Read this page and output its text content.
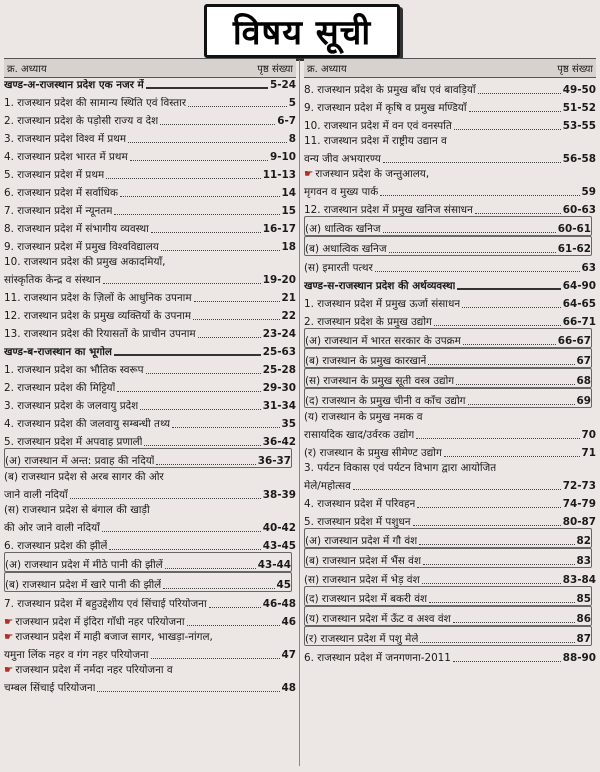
विषय सूची
क्र. अध्याय	पृष्ठ संख्या
खण्ड-अ-राजस्थान प्रदेश एक नजर में	5-24
1. राजस्थान प्रदेश की सामान्य स्थिति एवं विस्तार	5
2. राजस्थान प्रदेश के पड़ोसी राज्य व देश	6-7
3. राजस्थान प्रदेश विश्व में प्रथम	8
4. राजस्थान प्रदेश भारत में प्रथम	9-10
5. राजस्थान प्रदेश में प्रथम	11-13
6. राजस्थान प्रदेश में सर्वाधिक	14
7. राजस्थान प्रदेश में न्यूनतम	15
8. राजस्थान प्रदेश में संभागीय व्यवस्था	16-17
9. राजस्थान प्रदेश में प्रमुख विश्वविद्यालय	18
10. राजस्थान प्रदेश की प्रमुख अकादमियाँ,
सांस्कृतिक केन्द्र व संस्थान	19-20
11. राजस्थान प्रदेश के ज़िलों के आधुनिक उपनाम	21
12. राजस्थान प्रदेश के प्रमुख व्यक्तियों के उपनाम	22
13. राजस्थान प्रदेश की रियासतों के प्राचीन उपनाम	23-24
खण्ड-ब-राजस्थान का भूगोल	25-63
1. राजस्थान प्रदेश का भौतिक स्वरूप	25-28
2. राजस्थान प्रदेश की मिट्टियाँ	29-30
3. राजस्थान प्रदेश के जलवायु प्रदेश	31-34
4. राजस्थान प्रदेश की जलवायु सम्बन्धी तथ्य	35
5. राजस्थान प्रदेश में अपवाह प्रणाली	36-42
(अ) राजस्थान में अन्त: प्रवाह की नदियाँ	36-37
(ब) राजस्थान प्रदेश से अरब सागर की ओर
जाने वाली नदियाँ	38-39
(स) राजस्थान प्रदेश से बंगाल की खाड़ी
की ओर जाने वाली नदियाँ	40-42
6. राजस्थान प्रदेश की झीलें	43-45
(अ) राजस्थान प्रदेश में मीठे पानी की झीलें	43-44
(ब) राजस्थान प्रदेश में खारे पानी की झीलें	45
7. राजस्थान प्रदेश में बहुउद्देशीय एवं सिंचाई परियोजना	46-48
☛ राजस्थान प्रदेश में इंदिरा गाँधी नहर परियोजना	46
☛ राजस्थान प्रदेश में माही बजाज सागर, भाखड़ा-नांगल,
यमुना लिंक नहर व गंग नहर परियोजना	47
☛ राजस्थान प्रदेश में नर्मदा नहर परियोजना व
चम्बल सिंचाई परियोजना	48
क्र. अध्याय	पृष्ठ संख्या
8. राजस्थान प्रदेश के प्रमुख बाँध एवं बावड़ियाँ	49-50
9. राजस्थान प्रदेश में कृषि व प्रमुख मण्डियाँ	51-52
10. राजस्थान प्रदेश में वन एवं वनस्पति	53-55
11. राजस्थान प्रदेश में राष्ट्रीय उद्यान व
वन्य जीव अभयारण्य	56-58
☛ राजस्थान प्रदेश के जन्तुआलय,
मृगवन व मुख्य पार्क	59
12. राजस्थान प्रदेश में प्रमुख खनिज संसाधन	60-63
(अ) धात्विक खनिज	60-61
(ब) अधात्विक खनिज	61-62
(स) इमारती पत्थर	63
खण्ड-स-राजस्थान प्रदेश की अर्थव्यवस्था	64-90
1. राजस्थान प्रदेश में प्रमुख ऊर्जा संसाधन	64-65
2. राजस्थान प्रदेश के प्रमुख उद्योग	66-71
(अ) राजस्थान में भारत सरकार के उपक्रम	66-67
(ब) राजस्थान के प्रमुख कारखानें	67
(स) राजस्थान के प्रमुख सूती वस्त्र उद्योग	68
(द) राजस्थान के प्रमुख चीनी व काँच उद्योग	69
(य) राजस्थान के प्रमुख नमक व
रासायदिक खाद/उर्वरक उद्योग	70
(र) राजस्थान के प्रमुख सीमेण्ट उद्योग	71
3. पर्यटन विकास एवं पर्यटन विभाग द्वारा आयोजित
मेले/महोत्सव	72-73
4. राजस्थान प्रदेश में परिवहन	74-79
5. राजस्थान प्रदेश में पशुधन	80-87
(अ) राजस्थान प्रदेश में गौ वंश	82
(ब) राजस्थान प्रदेश में भैंस वंश	83
(स) राजस्थान प्रदेश में भेड़ वंश	83-84
(द) राजस्थान प्रदेश में बकरी वंश	85
(य) राजस्थान प्रदेश में ऊँट व अश्व वंश	86
(र) राजस्थान प्रदेश में पशु मेले	87
6. राजस्थान प्रदेश में जनगणना-2011	88-90
